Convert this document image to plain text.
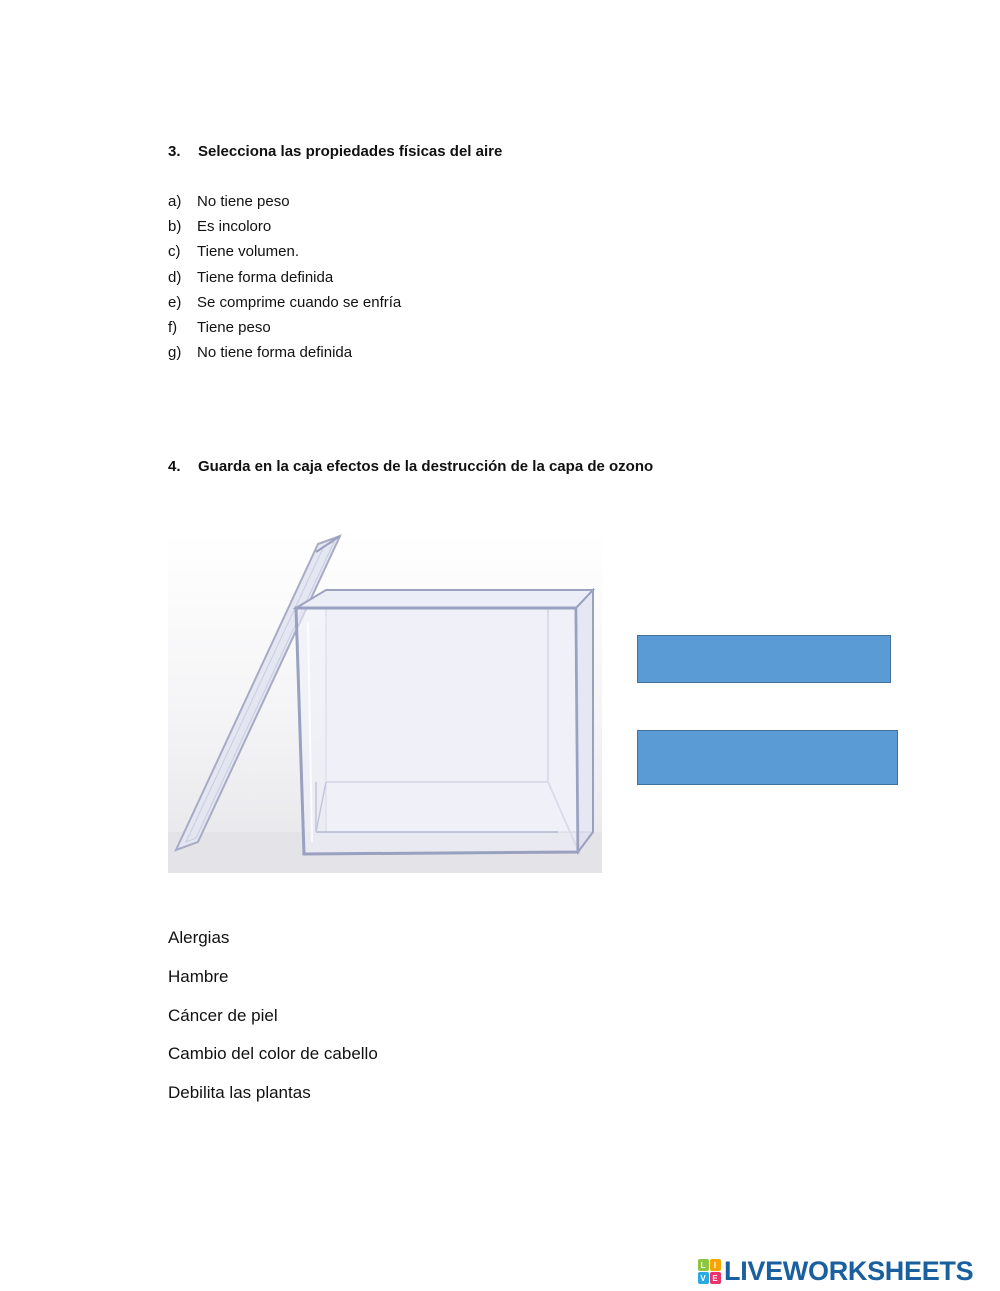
3. Selecciona las propiedades físicas del aire
a) No tiene peso
b) Es incoloro
c) Tiene volumen.
d) Tiene forma definida
e) Se comprime cuando se enfría
f) Tiene peso
g) No tiene forma definida
4. Guarda en la caja efectos de la destrucción de la capa de ozono
Alergias
Hambre
Cáncer de piel
Cambio del color de cabello
Debilita las plantas
L	I
V E LIVEWORKSHEETS
